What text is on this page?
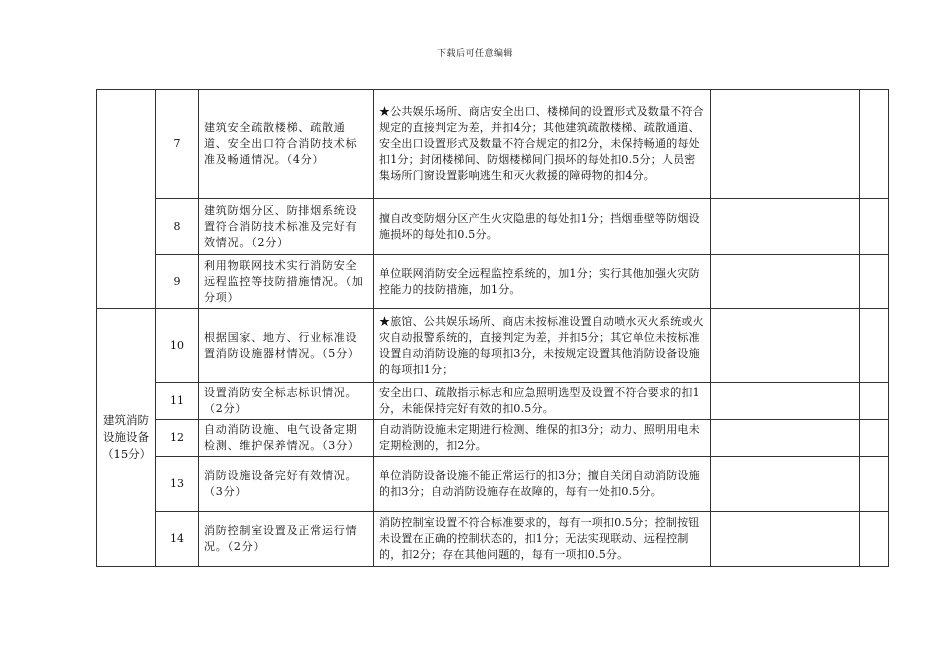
下载后可任意编辑
	7	建筑安全疏散楼梯、疏散通道、安全出口符合消防技术标准及畅通情况。（4分）	★公共娱乐场所、商店安全出口、楼梯间的设置形式及数量不符合规定的直接判定为差，并扣4分；其他建筑疏散楼梯、疏散通道、安全出口设置形式及数量不符合规定的扣2分，未保持畅通的每处扣1分；封闭楼梯间、防烟楼梯间门损坏的每处扣0.5分；人员密集场所门窗设置影响逃生和灭火救援的障碍物的扣4分。		
	8	建筑防烟分区、防排烟系统设置符合消防技术标准及完好有效情况。（2分）	擅自改变防烟分区产生火灾隐患的每处扣1分；挡烟垂壁等防烟设施损坏的每处扣0.5分。		
	9	利用物联网技术实行消防安全远程监控等技防措施情况。（加分项）	单位联网消防安全远程监控系统的，加1分；实行其他加强火灾防控能力的技防措施，加1分。		
建筑消防设施设备（15分）	10	根据国家、地方、行业标准设置消防设施器材情况。（5分）	★旅馆、公共娱乐场所、商店未按标准设置自动喷水灭火系统或火灾自动报警系统的，直接判定为差，并扣5分；其它单位未按标准设置自动消防设施的每项扣3分，未按规定设置其他消防设备设施的每项扣1分；		
	11	设置消防安全标志标识情况。（2分）	安全出口、疏散指示标志和应急照明选型及设置不符合要求的扣1分，未能保持完好有效的扣0.5分。		
	12	自动消防设施、电气设备定期检测、维护保养情况。（3分）	自动消防设施未定期进行检测、维保的扣3分；动力、照明用电未定期检测的，扣2分。		
	13	消防设施设备完好有效情况。（3分）	单位消防设备设施不能正常运行的扣3分；擅自关闭自动消防设施的扣3分；自动消防设施存在故障的，每有一处扣0.5分。		
	14	消防控制室设置及正常运行情况。（2分）	消防控制室设置不符合标准要求的，每有一项扣0.5分；控制按钮未设置在正确的控制状态的，扣1分；无法实现联动、远程控制的，扣2分；存在其他问题的，每有一项扣0.5分。		
